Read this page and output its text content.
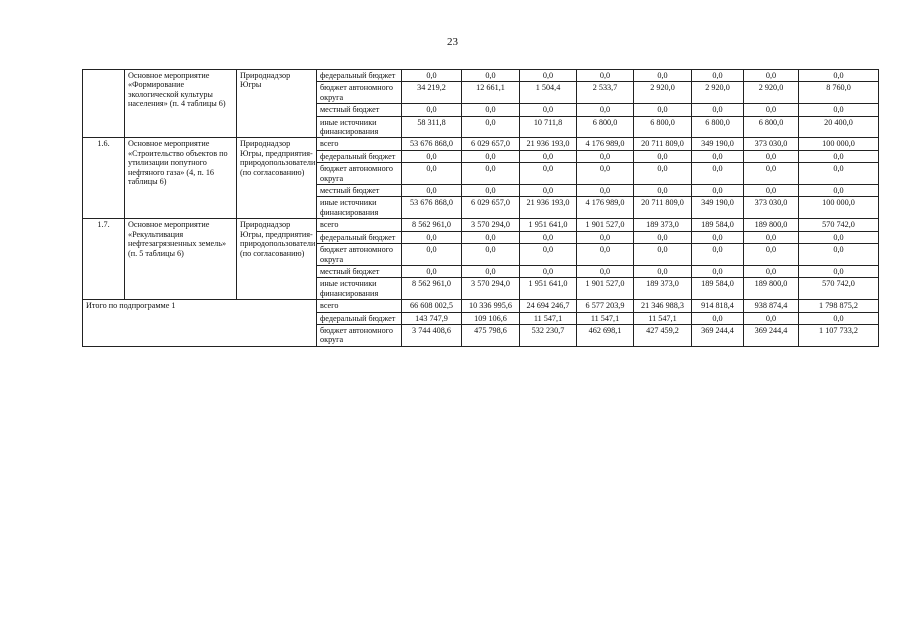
23
	Основное мероприятие «Формирование экологической культуры населения» (п. 4 таблицы 6)	Природнадзор Югры	федеральный бюджет	0,0	0,0	0,0	0,0	0,0	0,0	0,0	0,0
			бюджет автономного округа	34 219,2	12 661,1	1 504,4	2 533,7	2 920,0	2 920,0	2 920,0	8 760,0
			местный бюджет	0,0	0,0	0,0	0,0	0,0	0,0	0,0	0,0
			иные источники финансирования	58 311,8	0,0	10 711,8	6 800,0	6 800,0	6 800,0	6 800,0	20 400,0
1.6.	Основное мероприятие «Строительство объектов по утилизации попутного нефтяного газа» (4, п. 16 таблицы 6)	Природнадзор Югры, предприятия-природопользователи (по согласованию)	всего	53 676 868,0	6 029 657,0	21 936 193,0	4 176 989,0	20 711 809,0	349 190,0	373 030,0	100 000,0
			федеральный бюджет	0,0	0,0	0,0	0,0	0,0	0,0	0,0	0,0
			бюджет автономного округа	0,0	0,0	0,0	0,0	0,0	0,0	0,0	0,0
			местный бюджет	0,0	0,0	0,0	0,0	0,0	0,0	0,0	0,0
			иные источники финансирования	53 676 868,0	6 029 657,0	21 936 193,0	4 176 989,0	20 711 809,0	349 190,0	373 030,0	100 000,0
1.7.	Основное мероприятие «Рекультивация нефтезагрязненных земель» (п. 5 таблицы 6)	Природнадзор Югры, предприятия-природопользователи (по согласованию)	всего	8 562 961,0	3 570 294,0	1 951 641,0	1 901 527,0	189 373,0	189 584,0	189 800,0	570 742,0
			федеральный бюджет	0,0	0,0	0,0	0,0	0,0	0,0	0,0	0,0
			бюджет автономного округа	0,0	0,0	0,0	0,0	0,0	0,0	0,0	0,0
			местный бюджет	0,0	0,0	0,0	0,0	0,0	0,0	0,0	0,0
			иные источники финансирования	8 562 961,0	3 570 294,0	1 951 641,0	1 901 527,0	189 373,0	189 584,0	189 800,0	570 742,0
Итого по подпрограмме 1			всего	66 608 002,5	10 336 995,6	24 694 246,7	6 577 203,9	21 346 988,3	914 818,4	938 874,4	1 798 875,2
			федеральный бюджет	143 747,9	109 106,6	11 547,1	11 547,1	11 547,1	0,0	0,0	0,0
			бюджет автономного округа	3 744 408,6	475 798,6	532 230,7	462 698,1	427 459,2	369 244,4	369 244,4	1 107 733,2
